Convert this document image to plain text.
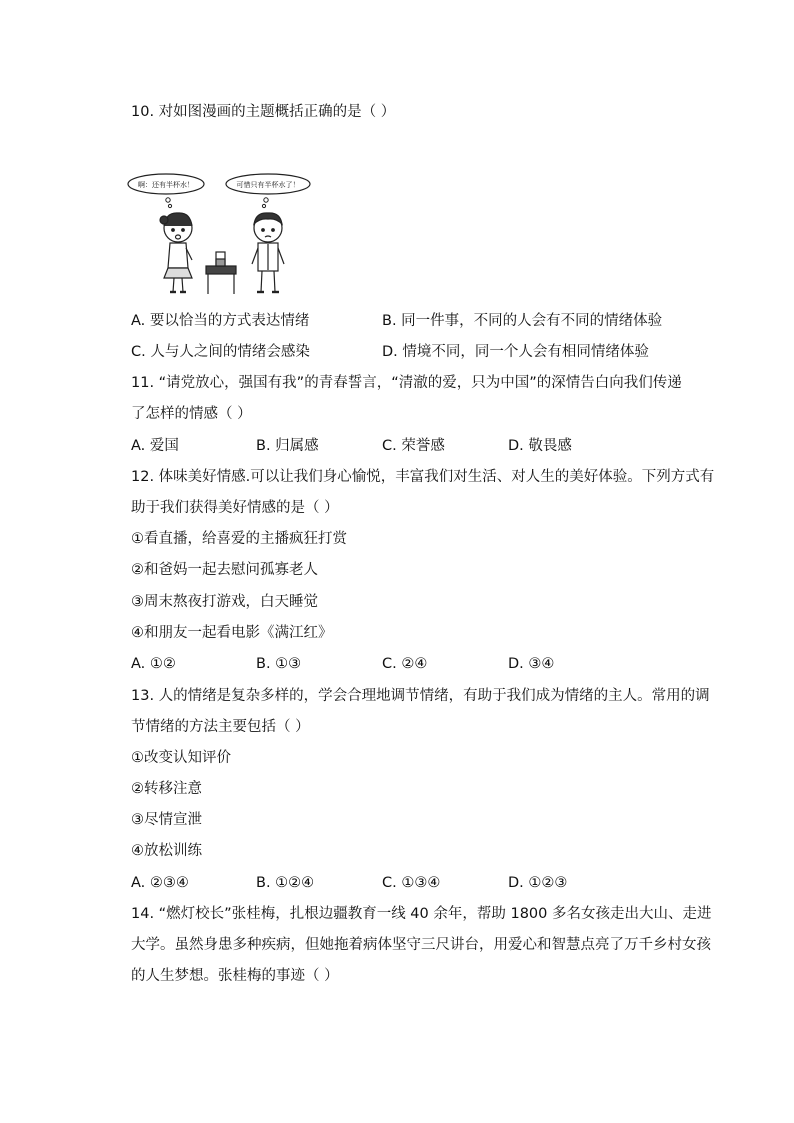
10. 对如图漫画的主题概括正确的是（ ）
啊：还有半杯水！	可惜只有半杯水了！
A. 要以恰当的方式表达情绪	B. 同一件事，不同的人会有不同的情绪体验
C. 人与人之间的情绪会感染	D. 情境不同，同一个人会有相同情绪体验
11. “请党放心，强国有我”的青春誓言，“清澈的爱，只为中国”的深情告白向我们传递
了怎样的情感（ ）
A. 爱国	B. 归属感	C. 荣誉感	D. 敬畏感
12. 体味美好情感.可以让我们身心愉悦，丰富我们对生活、对人生的美好体验。下列方式有
助于我们获得美好情感的是（ ）
①看直播，给喜爱的主播疯狂打赏
②和爸妈一起去慰问孤寡老人
③周末熬夜打游戏，白天睡觉
④和朋友一起看电影《满江红》
A. ①②	B. ①③	C. ②④	D. ③④
13. 人的情绪是复杂多样的，学会合理地调节情绪，有助于我们成为情绪的主人。常用的调
节情绪的方法主要包括（ ）
①改变认知评价
②转移注意
③尽情宣泄
④放松训练
A. ②③④	B. ①②④	C. ①③④	D. ①②③
14. “燃灯校长”张桂梅，扎根边疆教育一线 40 余年，帮助 1800 多名女孩走出大山、走进
大学。虽然身患多种疾病，但她拖着病体坚守三尺讲台，用爱心和智慧点亮了万千乡村女孩
的人生梦想。张桂梅的事迹（ ）
